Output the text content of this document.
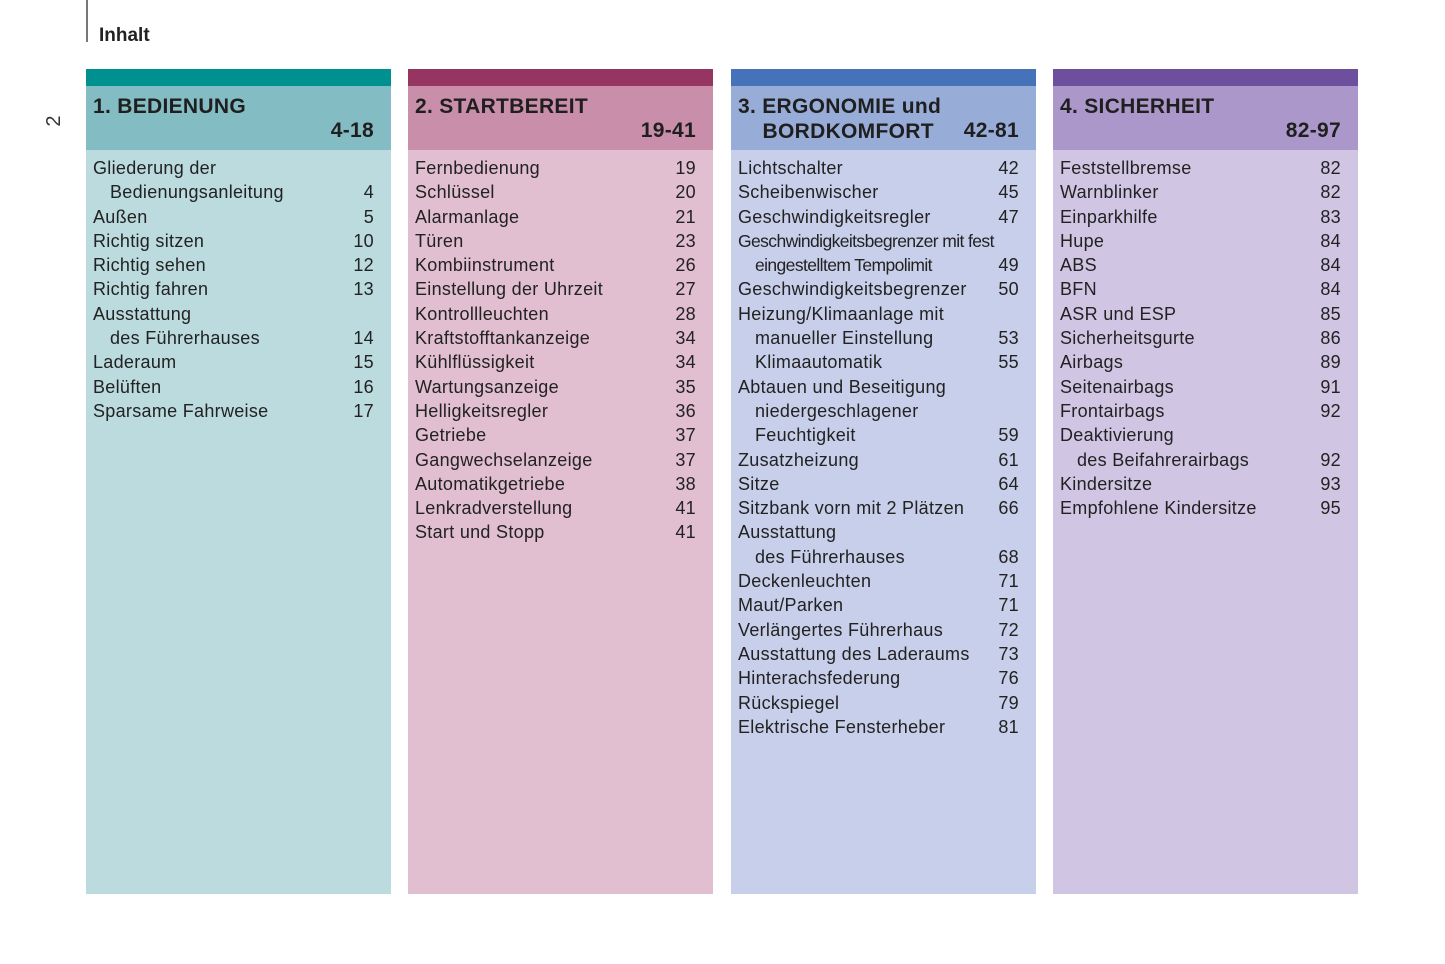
Inhalt
2
1. BEDIENUNG
4-18
Gliederung der
Bedienungsanleitung	4
Außen	5
Richtig sitzen	10
Richtig sehen	12
Richtig fahren	13
Ausstattung
des Führerhauses	14
Laderaum	15
Belüften	16
Sparsame Fahrweise	17
2. STARTBEREIT
19-41
Fernbedienung	19
Schlüssel	20
Alarmanlage	21
Türen	23
Kombiinstrument	26
Einstellung der Uhrzeit	27
Kontrollleuchten	28
Kraftstofftankanzeige	34
Kühlflüssigkeit	34
Wartungsanzeige	35
Helligkeitsregler	36
Getriebe	37
Gangwechselanzeige	37
Automatikgetriebe	38
Lenkradverstellung	41
Start und Stopp	41
3. ERGONOMIE und
BORDKOMFORT	42-81
Lichtschalter	42
Scheibenwischer	45
Geschwindigkeitsregler	47
Geschwindigkeitsbegrenzer mit fest
eingestelltem Tempolimit	49
Geschwindigkeitsbegrenzer 50
Heizung/Klimaanlage mit
manueller Einstellung	53
Klimaautomatik	55
Abtauen und Beseitigung
niedergeschlagener
Feuchtigkeit	59
Zusatzheizung	61
Sitze	64
Sitzbank vorn mit 2 Plätzen 66
Ausstattung
des Führerhauses	68
Deckenleuchten	71
Maut/Parken	71
Verlängertes Führerhaus	72
Ausstattung des Laderaums 73
Hinterachsfederung	76
Rückspiegel	79
Elektrische Fensterheber	81
4. SICHERHEIT
82-97
Feststellbremse	82
Warnblinker	82
Einparkhilfe	83
Hupe	84
ABS	84
BFN	84
ASR und ESP	85
Sicherheitsgurte	86
Airbags	89
Seitenairbags	91
Frontairbags	92
Deaktivierung
des Beifahrerairbags	92
Kindersitze	93
Empfohlene Kindersitze	95
